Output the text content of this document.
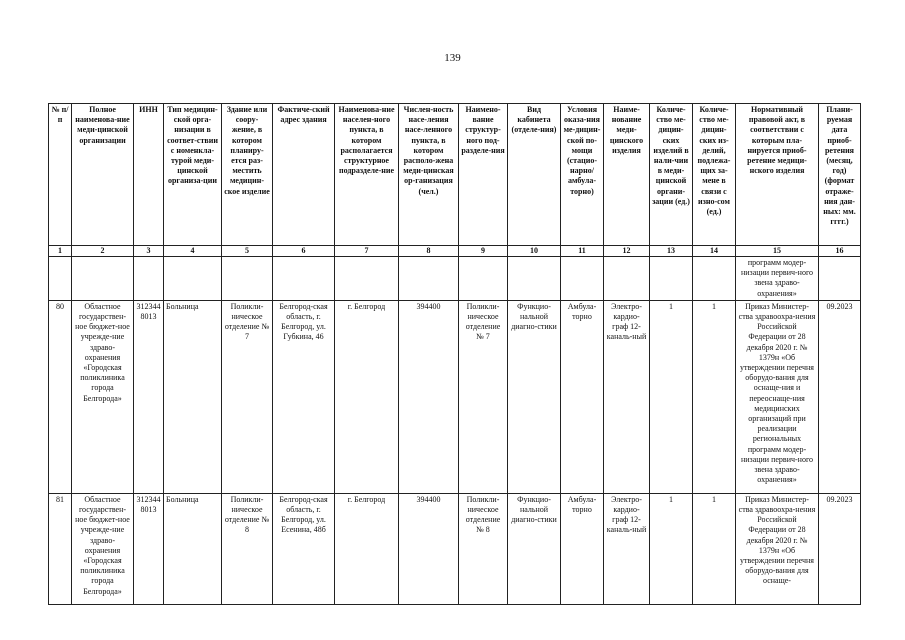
139
№ п/п	Полное наименова-ние меди-цинской организации	ИНН	Тип медицин-ской орга-низации в соответ-ствии с номенкла-турой меди-цинской организа-ции	Здание или соору-жение, в котором планиру-ется раз-местить медицин-ское изделие	Фактиче-ский адрес здания	Наименова-ние населен-ного пункта, в котором располагается структурное подразделе-ние	Числен-ность насе-ления насе-ленного пункта, в котором располо-жена меди-цинская ор-ганизация (чел.)	Наимено-вание структур-ного под-разделе-ния	Вид кабинета (отделе-ния)	Условия оказа-ния ме-дицин-ской по-мощи (стацио-нарно/ амбула-торно)	Наиме-нование меди-цинского изделия	Количе-ство ме-дицин-ских изделий в нали-чии в меди-цинской органи-зации (ед.)	Количе-ство ме-дицин-ских из-делий, подлежа-щих за-мене в связи с изно-сом (ед.)	Нормативный правовой акт, в соответствии с которым пла-нируется приоб-ретение медици-нского изделия	Плани-руемая дата приоб-ретения (месяц, год) (формат отраже-ния дан-ных: мм. гггг.)
1	2	3	4	5	6	7	8	9	10	11	12	13	14	15	16
														программ модер-низации первич-ного звена здраво-охранения»	
80	Областное государствен-ное бюджет-ное учрежде-ние здраво-охранения «Городская поликлиника города Белгорода»	312344 8013	Больница	Поликли-ническое отделение № 7	Белгород-ская область, г. Белгород, ул. Губкина, 46	г. Белгород	394400	Поликли-ническое отделение № 7	Функцио-нальной диагно-стики	Амбула-торно	Электро-кардио-граф 12-каналь-ный	1	1	Приказ Министер-ства здравоохра-нения Российской Федерации от 28 декабря 2020 г. № 1379н «Об утверждении перечня оборудо-вания для оснаще-ния и переоснаще-ния медицинских организаций при реализации региональных программ модер-низации первич-ного звена здраво-охранения»	09.2023
81	Областное государствен-ное бюджет-ное учрежде-ние здраво-охранения «Городская поликлиника города Белгорода»	312344 8013	Больница	Поликли-ническое отделение № 8	Белгород-ская область, г. Белгород, ул. Есенина, 48б	г. Белгород	394400	Поликли-ническое отделение № 8	Функцио-нальной диагно-стики	Амбула-торно	Электро-кардио-граф 12-каналь-ный	1	1	Приказ Министер-ства здравоохра-нения Российской Федерации от 28 декабря 2020 г. № 1379н «Об утверждении перечня оборудо-вания для оснаще-	09.2023
